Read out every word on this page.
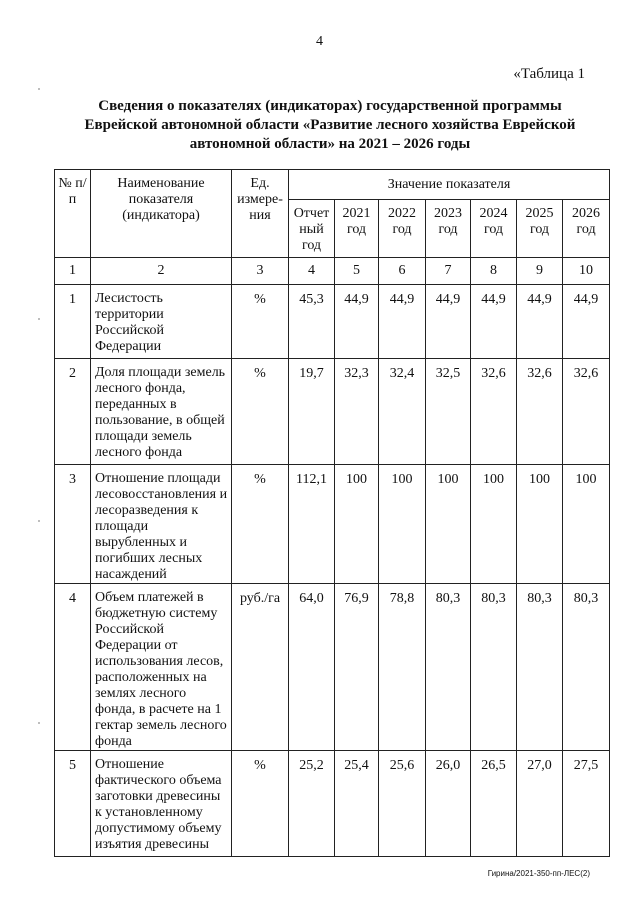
4
«Таблица 1
Сведения о показателях (индикаторах) государственной программы
Еврейской автономной области «Развитие лесного хозяйства Еврейской
автономной области» на 2021 – 2026 годы
№ п/п	Наименование показателя (индикатора)	Ед. измере-ния	Значение показателя						
			Отчет ный год	2021 год	2022 год	2023 год	2024 год	2025 год	2026 год
1	2	3	4	5	6	7	8	9	10
1	Лесистость территории Российской Федерации	%	45,3	44,9	44,9	44,9	44,9	44,9	44,9
2	Доля площади земель лесного фонда, переданных в пользование, в общей площади земель лесного фонда	%	19,7	32,3	32,4	32,5	32,6	32,6	32,6
3	Отношение площади лесовосстановления и лесоразведения к площади вырубленных и погибших лесных насаждений	%	112,1	100	100	100	100	100	100
4	Объем платежей в бюджетную систему Российской Федерации от использования лесов, расположенных на землях лесного фонда, в расчете на 1 гектар земель лесного фонда	руб./га	64,0	76,9	78,8	80,3	80,3	80,3	80,3
5	Отношение фактического объема заготовки древесины к установленному допустимому объему изъятия древесины	%	25,2	25,4	25,6	26,0	26,5	27,0	27,5
Гирина/2021-350-пп-ЛЕС(2)
